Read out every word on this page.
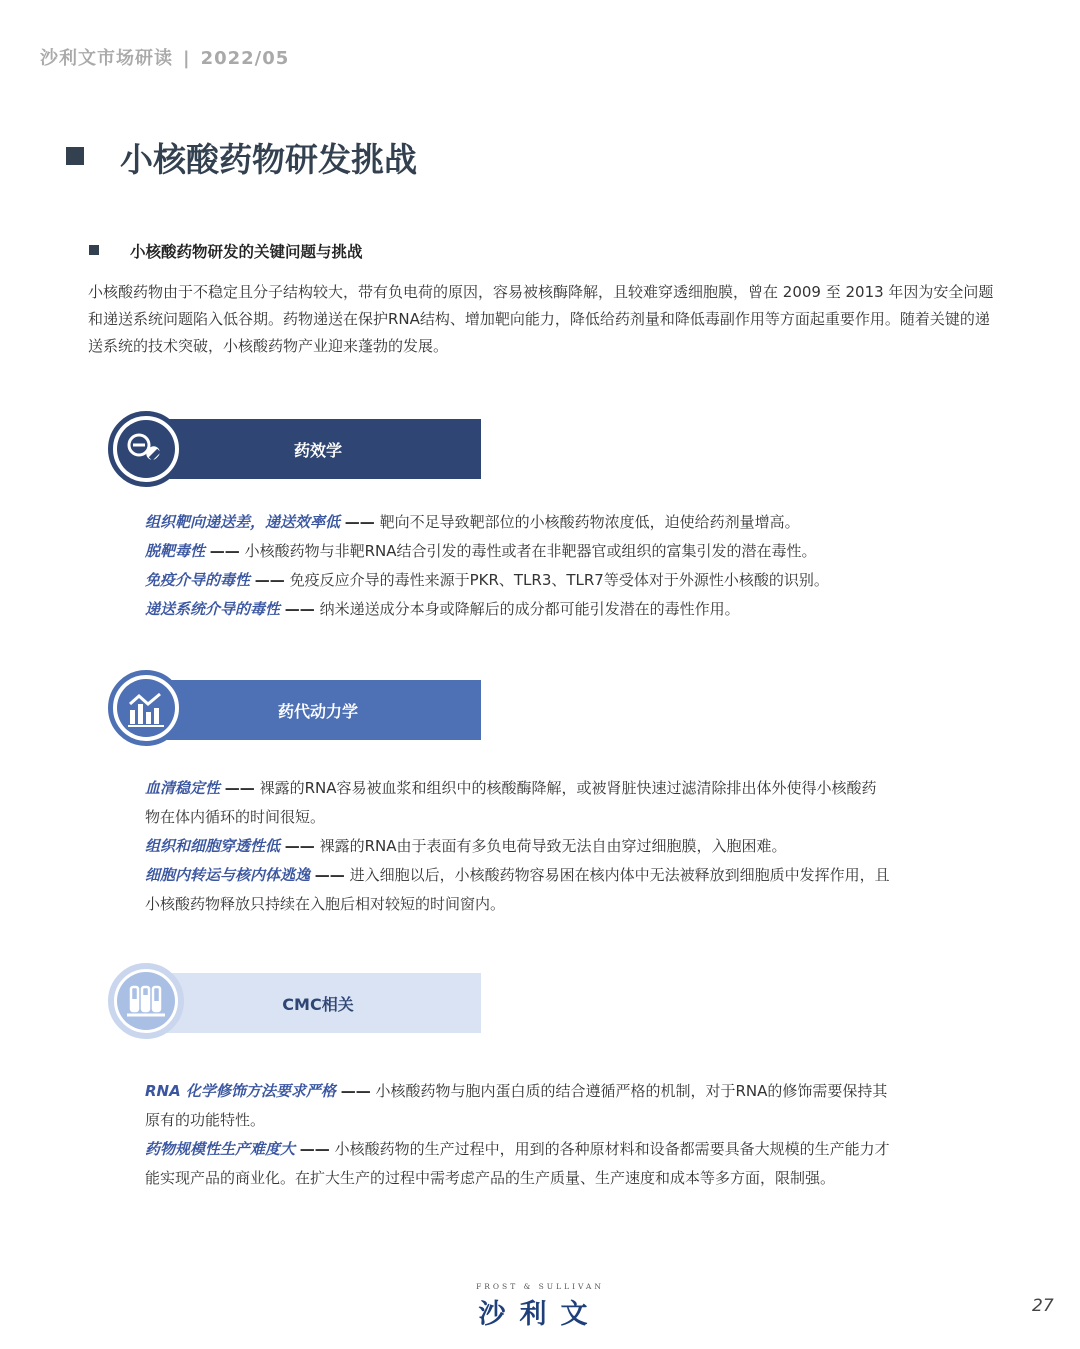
沙利文市场研读 | 2022/05
小核酸药物研发挑战
小核酸药物研发的关键问题与挑战

小核酸药物由于不稳定且分子结构较大，带有负电荷的原因，容易被核酶降解，且较难穿透细胞膜，曾在 2009 至 2013 年因为安全问题和递送系统问题陷入低谷期。药物递送在保护RNA结构、增加靶向能力，降低给药剂量和降低毒副作用等方面起重要作用。随着关键的递送系统的技术突破，小核酸药物产业迎来蓬勃的发展。

药效学

组织靶向递送差，递送效率低 —— 靶向不足导致靶部位的小核酸药物浓度低，迫使给药剂量增高。

脱靶毒性 —— 小核酸药物与非靶RNA结合引发的毒性或者在非靶器官或组织的富集引发的潜在毒性。

免疫介导的毒性 —— 免疫反应介导的毒性来源于PKR、TLR3、TLR7等受体对于外源性小核酸的识别。

递送系统介导的毒性 —— 纳米递送成分本身或降解后的成分都可能引发潜在的毒性作用。

药代动力学

血清稳定性 —— 裸露的RNA容易被血浆和组织中的核酸酶降解，或被肾脏快速过滤清除排出体外使得小核酸药物在体内循环的时间很短。

组织和细胞穿透性低 —— 裸露的RNA由于表面有多负电荷导致无法自由穿过细胞膜，入胞困难。

细胞内转运与核内体逃逸 —— 进入细胞以后，小核酸药物容易困在核内体中无法被释放到细胞质中发挥作用，且小核酸药物释放只持续在入胞后相对较短的时间窗内。

CMC相关

RNA 化学修饰方法要求严格 —— 小核酸药物与胞内蛋白质的结合遵循严格的机制，对于RNA的修饰需要保持其原有的功能特性。

药物规模性生产难度大 —— 小核酸药物的生产过程中，用到的各种原材料和设备都需要具备大规模的生产能力才能实现产品的商业化。在扩大生产的过程中需考虑产品的生产质量、生产速度和成本等多方面，限制强。

FROST & SULLIVAN
沙利文	27
